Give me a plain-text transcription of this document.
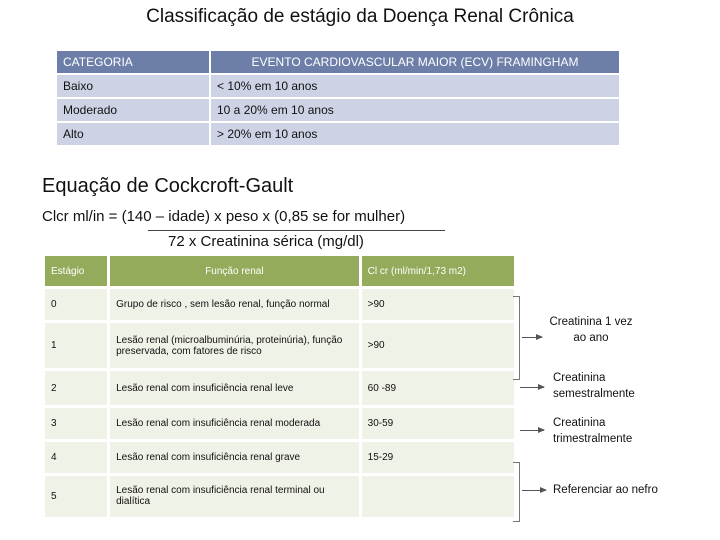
Classificação de estágio da Doença Renal Crônica
CATEGORIA	EVENTO CARDIOVASCULAR MAIOR (ECV) FRAMINGHAM
Baixo	< 10% em 10 anos
Moderado	10 a 20% em 10 anos
Alto	> 20% em 10 anos
Equação de Cockcroft-Gault
Clcr ml/in = (140 – idade) x peso x (0,85 se for mulher)
72 x Creatinina sérica (mg/dl)
Estágio	Função renal	Cl cr (ml/min/1,73 m2)
0	Grupo de risco , sem lesão renal, função normal	>90
1	Lesão renal (microalbuminúria, proteinúria), função preservada, com fatores de risco	>90
2	Lesão renal com insuficiência renal leve	60 -89
3	Lesão renal com insuficiência renal moderada	30-59
4	Lesão renal com insuficiência renal grave	15-29
5	Lesão renal com insuficiência renal terminal ou dialítica	
Creatinina 1 vez ao ano
Creatinina semestralmente
Creatinina trimestralmente
Referenciar ao nefro
